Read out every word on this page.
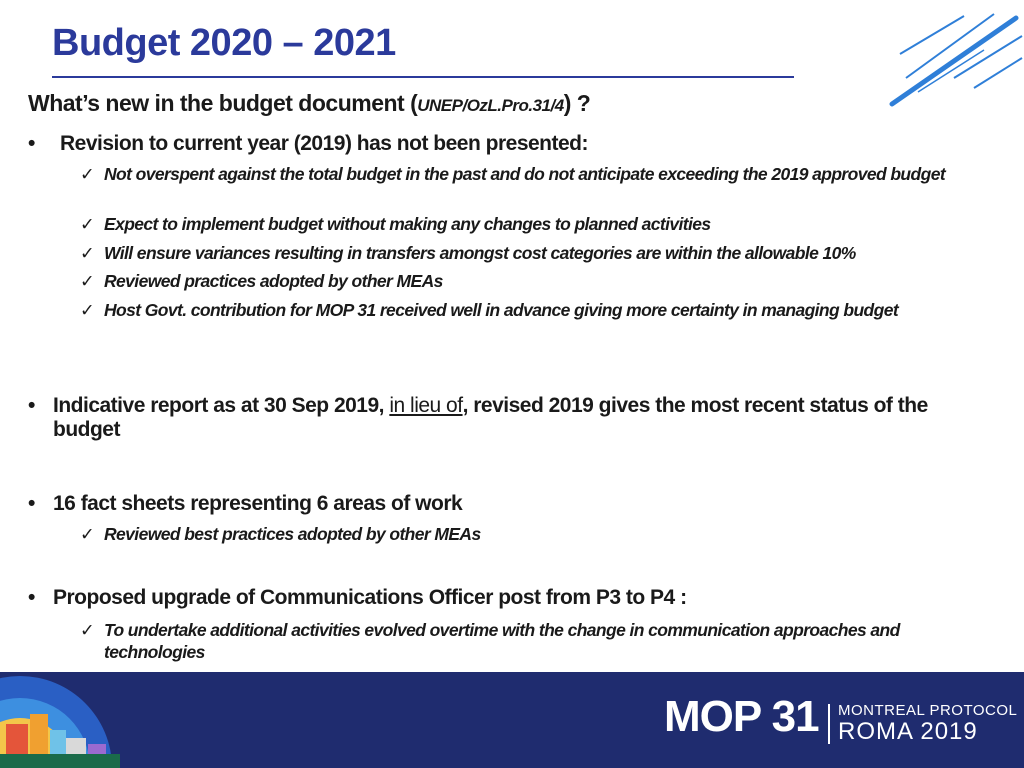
Budget 2020 – 2021
What’s new in the budget document (UNEP/OzL.Pro.31/4) ?
•	Revision to current year (2019) has not been presented:
✓ Not overspent against the total budget in the past and do not anticipate exceeding the 2019 approved budget
✓ Expect to implement budget without making any changes to planned activities
✓ Will ensure variances resulting in transfers amongst cost categories are within the allowable 10%
✓ Reviewed practices adopted by other MEAs
✓ Host Govt. contribution for MOP 31 received well in advance giving more certainty in managing budget
• Indicative report as at 30 Sep 2019, in lieu of, revised 2019 gives the most recent status of the budget
• 16 fact sheets representing 6 areas of work
✓ Reviewed best practices adopted by other MEAs
• Proposed upgrade of Communications Officer post from P3 to P4 :
✓ To undertake additional activities evolved overtime with the change in communication approaches and technologies
MOP 31 MONTREAL PROTOCOL
ROMA 2019
